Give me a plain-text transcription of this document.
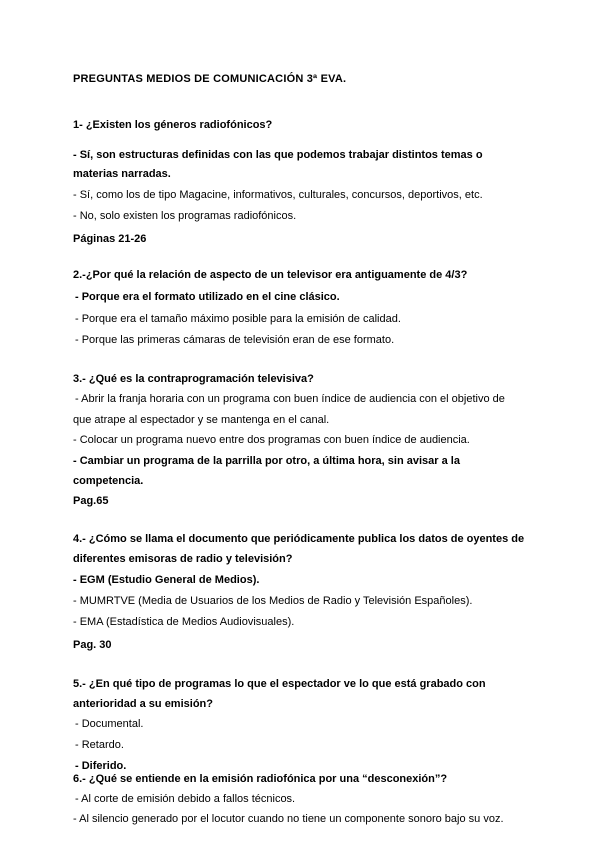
PREGUNTAS MEDIOS DE COMUNICACIÓN 3ª EVA.
1- ¿Existen los géneros radiofónicos?
- Sí, son estructuras definidas con las que podemos trabajar distintos temas o
materias narradas.
- Sí, como los de tipo Magacine, informativos, culturales, concursos, deportivos, etc.
- No, solo existen los programas radiofónicos.
Páginas 21-26
2.-¿Por qué la relación de aspecto de un televisor era antiguamente de 4/3?
- Porque era el formato utilizado en el cine clásico.
- Porque era el tamaño máximo posible para la emisión de calidad.
- Porque las primeras cámaras de televisión eran de ese formato.
3.- ¿Qué es la contraprogramación televisiva?
- Abrir la franja horaria con un programa con buen índice de audiencia con el objetivo de
que atrape al espectador y se mantenga en el canal.
- Colocar un programa nuevo entre dos programas con buen índice de audiencia.
- Cambiar un programa de la parrilla por otro, a última hora, sin avisar a la
competencia.
Pag.65
4.- ¿Cómo se llama el documento que periódicamente publica los datos de oyentes de
diferentes emisoras de radio y televisión?
- EGM (Estudio General de Medios).
- MUMRTVE (Media de Usuarios de los Medios de Radio y Televisión Españoles).
- EMA (Estadística de Medios Audiovisuales).
Pag. 30
5.- ¿En qué tipo de programas lo que el espectador ve lo que está grabado con
anterioridad a su emisión?
- Documental.
- Retardo.
- Diferido.
6.- ¿Qué se entiende en la emisión radiofónica por una “desconexión”?
- Al corte de emisión debido a fallos técnicos.
- Al silencio generado por el locutor cuando no tiene un componente sonoro bajo su voz.
